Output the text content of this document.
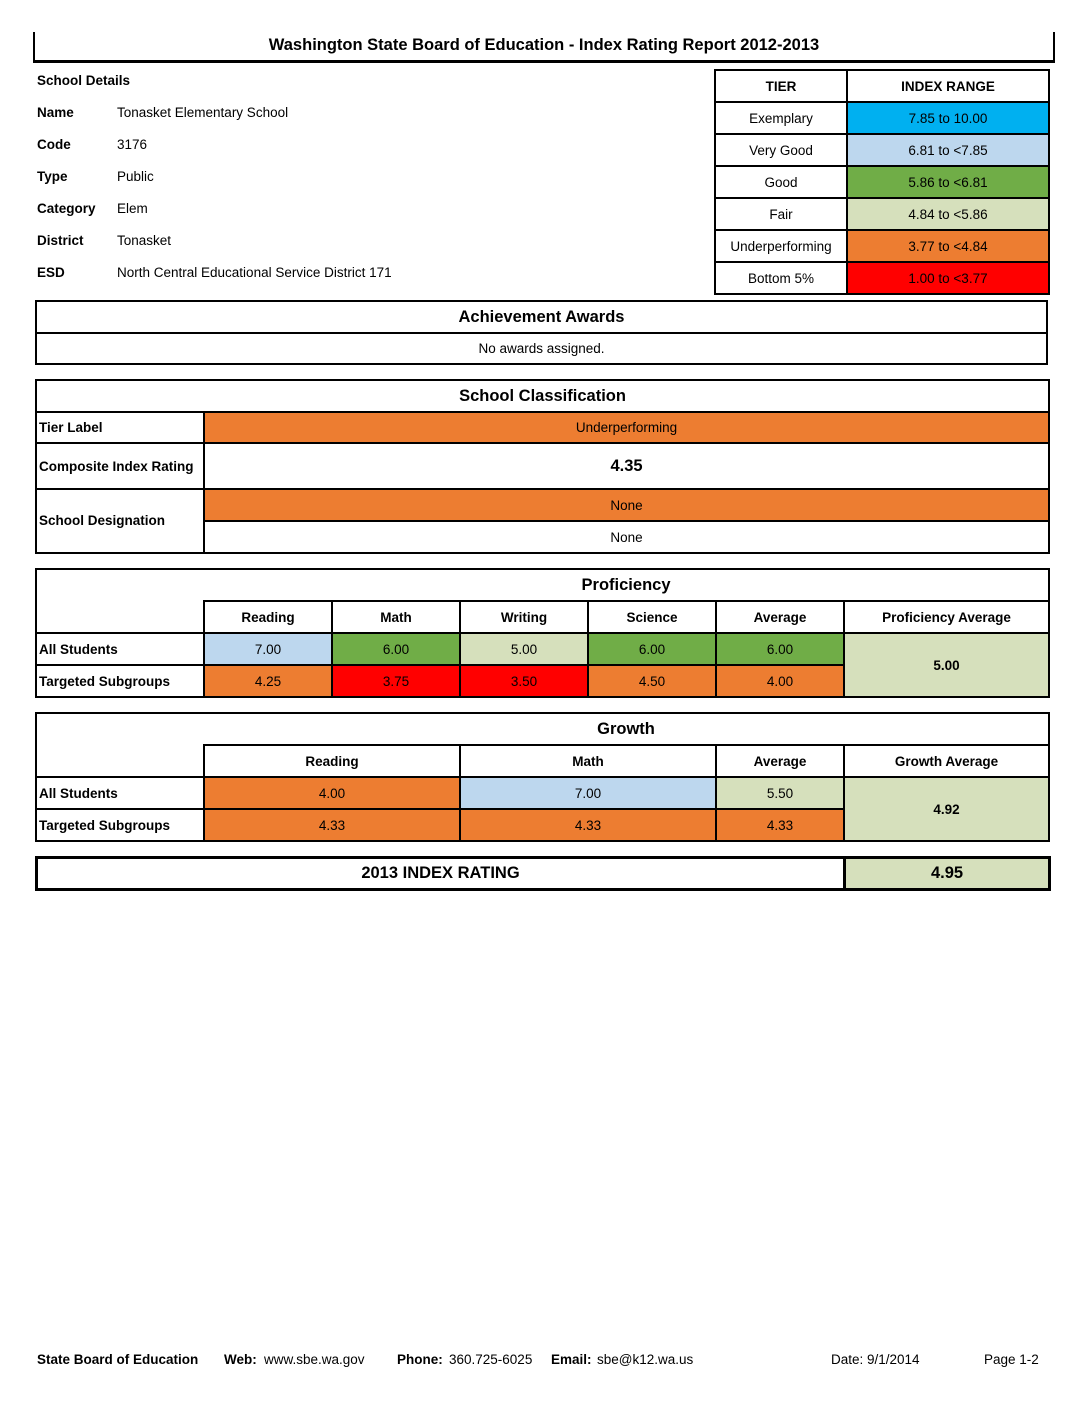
Washington State Board of Education - Index Rating Report 2012-2013
School Details
Name	Tonasket Elementary School
Code	3176
Type	Public
Category Elem
District Tonasket
ESD	North Central Educational Service District 171
TIER	INDEX RANGE
Exemplary	7.85 to 10.00
Very Good	6.81 to <7.85
Good	5.86 to <6.81
Fair	4.84 to <5.86
Underperforming	3.77 to <4.84
Bottom 5%	1.00 to <3.77
Achievement Awards
No awards assigned.
School Classification	
Tier Label	Underperforming
Composite Index Rating	4.35
School Designation	None
	None
	Proficiency					
	Reading	Math	Writing	Science	Average	Proficiency Average
All Students	7.00	6.00	5.00	6.00	6.00	5.00
Targeted Subgroups	4.25	3.75	3.50	4.50	4.00	
	Growth			
	Reading	Math	Average	Growth Average
All Students	4.00	7.00	5.50	4.92
Targeted Subgroups	4.33	4.33	4.33	
2013 INDEX RATING	4.95
State Board of Education Web: www.sbe.wa.gov Phone: 360.725-6025 Email: sbe@k12.wa.us	Date: 9/1/2014	Page 1-2
